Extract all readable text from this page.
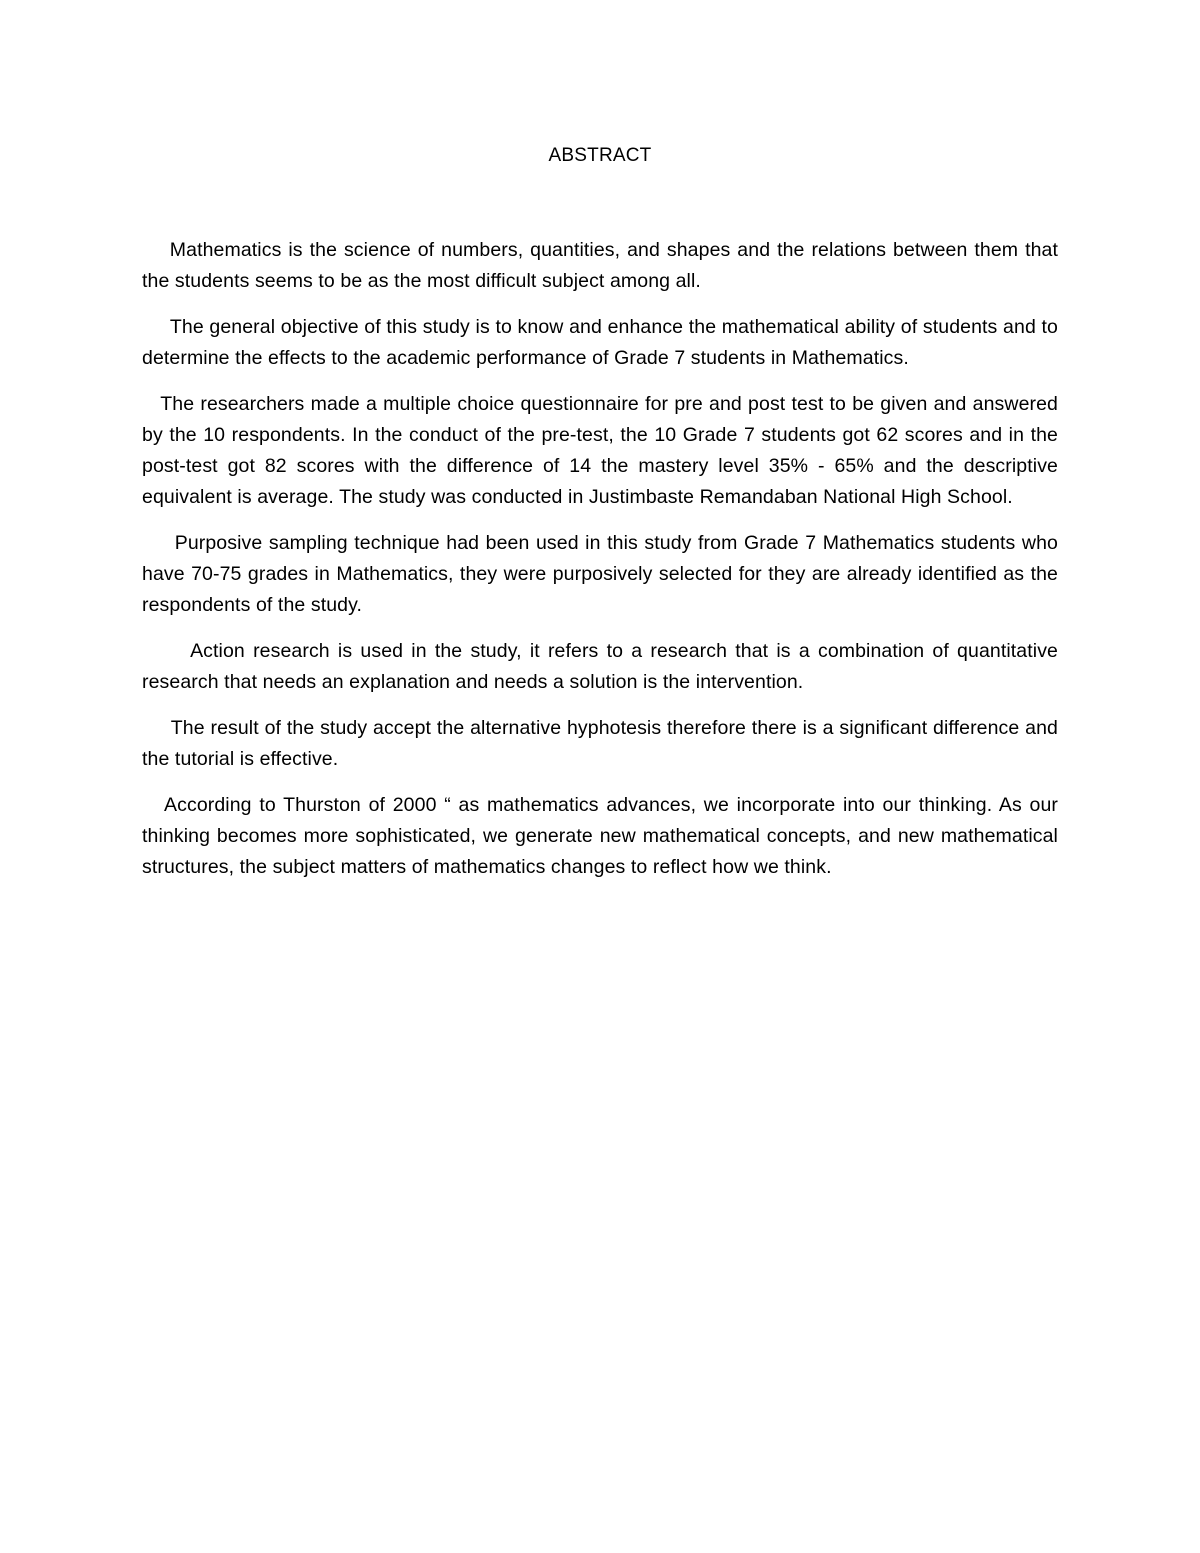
ABSTRACT

Mathematics is the science of numbers, quantities, and shapes and the relations between them that the students seems to be as the most difficult subject among all.

The general objective of this study is to know and enhance the mathematical ability of students and to determine the effects to the academic performance of Grade 7 students in Mathematics.

The researchers made a multiple choice questionnaire for pre and post test to be given and answered by the 10 respondents. In the conduct of the pre-test, the 10 Grade 7 students got 62 scores and in the post-test got 82 scores with the difference of 14 the mastery level 35% - 65% and the descriptive equivalent is average. The study was conducted in Justimbaste Remandaban National High School.

Purposive sampling technique had been used in this study from Grade 7 Mathematics students who have 70-75 grades in Mathematics, they were purposively selected for they are already identified as the respondents of the study.

Action research is used in the study, it refers to a research that is a combination of quantitative research that needs an explanation and needs a solution is the intervention.

The result of the study accept the alternative hyphotesis therefore there is a significant difference and the tutorial is effective.

According to Thurston of 2000 “ as mathematics advances, we incorporate into our thinking. As our thinking becomes more sophisticated, we generate new mathematical concepts, and new mathematical structures, the subject matters of mathematics changes to reflect how we think.
